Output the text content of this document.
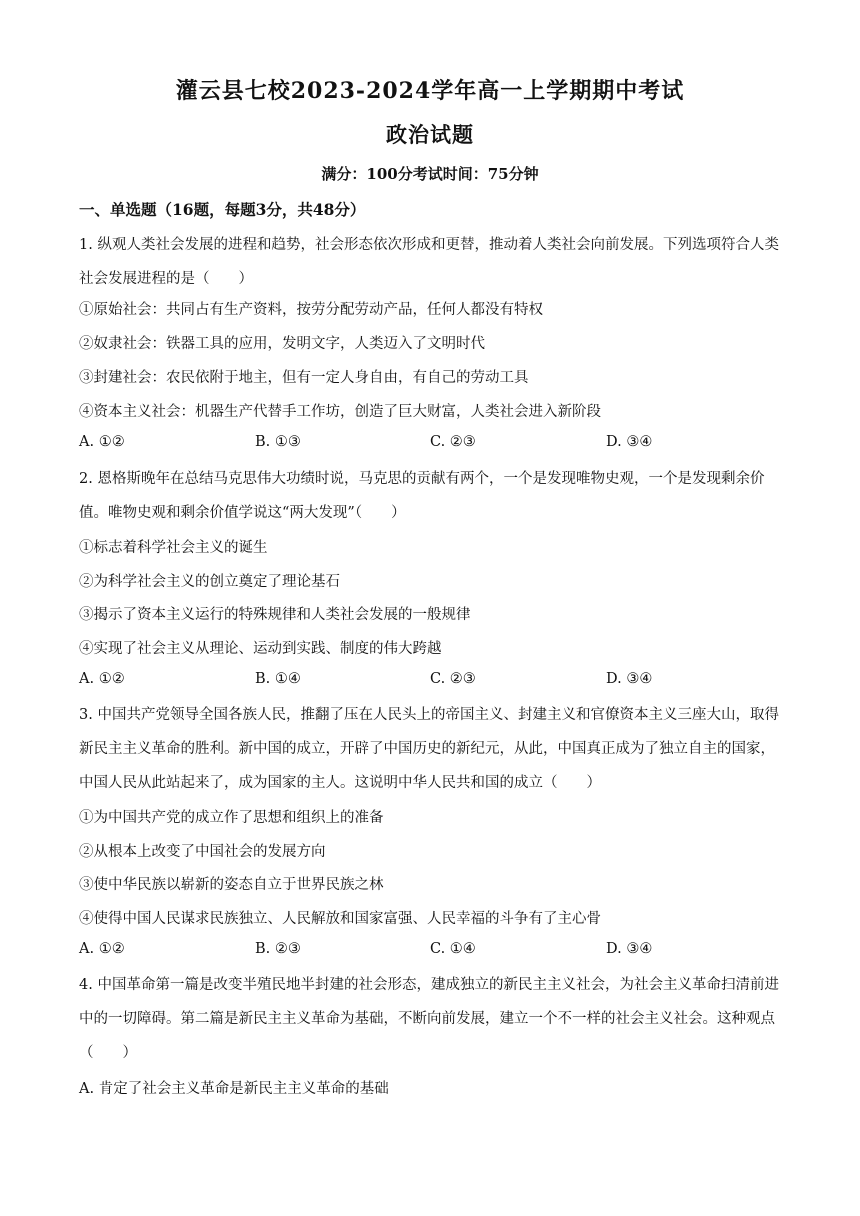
灌云县七校2023-2024学年高一上学期期中考试
政治试题
满分：100分考试时间：75分钟
一、单选题（16题，每题3分，共48分）
1. 纵观人类社会发展的进程和趋势，社会形态依次形成和更替，推动着人类社会向前发展。下列选项符合人类社会发展进程的是（　　）
①原始社会：共同占有生产资料，按劳分配劳动产品，任何人都没有特权
②奴隶社会：铁器工具的应用，发明文字，人类迈入了文明时代
③封建社会：农民依附于地主，但有一定人身自由，有自己的劳动工具
④资本主义社会：机器生产代替手工作坊，创造了巨大财富，人类社会进入新阶段
A. ①②	B. ①③	C. ②③	D. ③④
2. 恩格斯晚年在总结马克思伟大功绩时说，马克思的贡献有两个，一个是发现唯物史观，一个是发现剩余价值。唯物史观和剩余价值学说这“两大发现”（　　）
①标志着科学社会主义的诞生
②为科学社会主义的创立奠定了理论基石
③揭示了资本主义运行的特殊规律和人类社会发展的一般规律
④实现了社会主义从理论、运动到实践、制度的伟大跨越
A. ①②	B. ①④	C. ②③	D. ③④
3. 中国共产党领导全国各族人民，推翻了压在人民头上的帝国主义、封建主义和官僚资本主义三座大山，取得新民主主义革命的胜利。新中国的成立，开辟了中国历史的新纪元，从此，中国真正成为了独立自主的国家，中国人民从此站起来了，成为国家的主人。这说明中华人民共和国的成立（　　）
①为中国共产党的成立作了思想和组织上的准备
②从根本上改变了中国社会的发展方向
③使中华民族以崭新的姿态自立于世界民族之林
④使得中国人民谋求民族独立、人民解放和国家富强、人民幸福的斗争有了主心骨
A. ①②	B. ②③	C. ①④	D. ③④
4. 中国革命第一篇是改变半殖民地半封建的社会形态，建成独立的新民主主义社会，为社会主义革命扫清前进中的一切障碍。第二篇是新民主主义革命为基础，不断向前发展，建立一个不一样的社会主义社会。这种观点（　　）
A. 肯定了社会主义革命是新民主主义革命的基础
